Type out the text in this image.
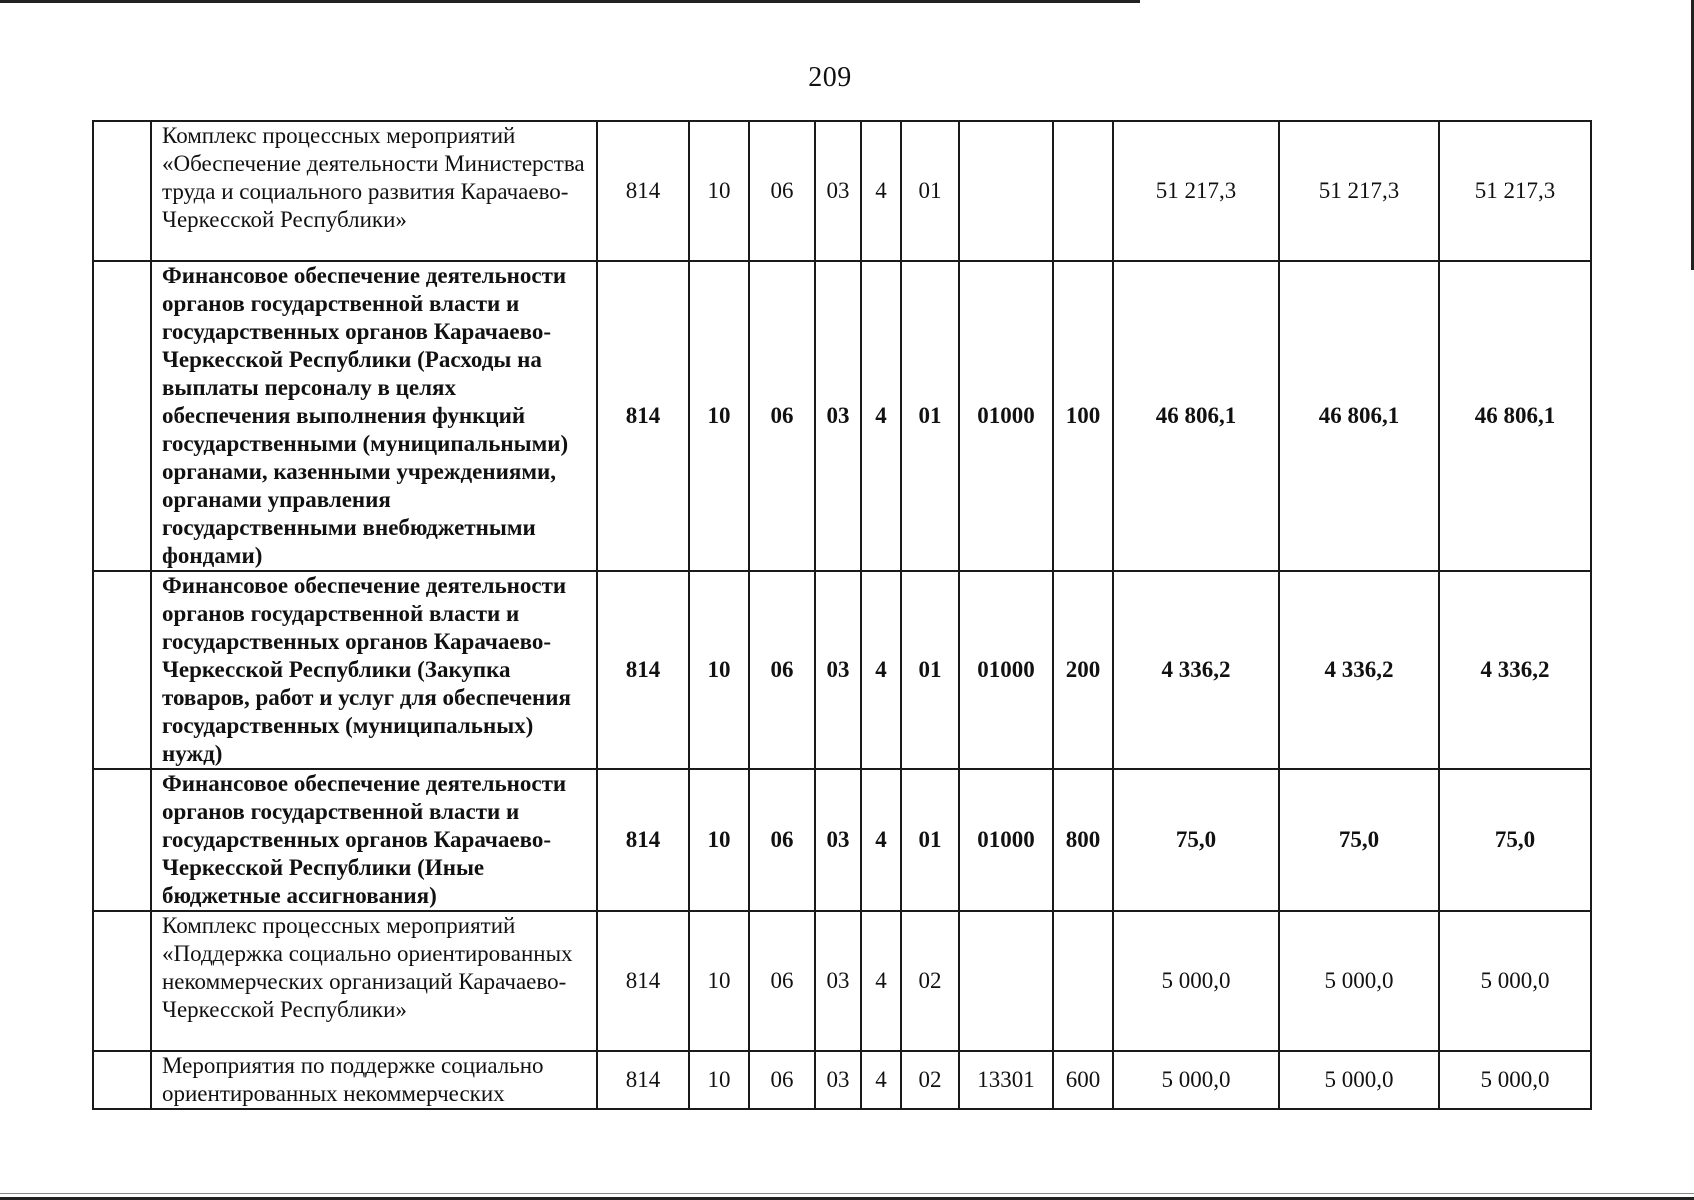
209
	Комплекс процессных мероприятий «Обеспечение деятельности Министерства труда и социального развития Карачаево-Черкесской Республики»	814	10	06	03	4	01			51 217,3	51 217,3	51 217,3
	Финансовое обеспечение деятельности органов государственной власти и государственных органов Карачаево-Черкесской Республики (Расходы на выплаты персоналу в целях обеспечения выполнения функций государственными (муниципальными) органами, казенными учреждениями, органами управления государственными внебюджетными фондами)	814	10	06	03	4	01	01000	100	46 806,1	46 806,1	46 806,1
	Финансовое обеспечение деятельности органов государственной власти и государственных органов Карачаево-Черкесской Республики (Закупка товаров, работ и услуг для обеспечения государственных (муниципальных) нужд)	814	10	06	03	4	01	01000	200	4 336,2	4 336,2	4 336,2
	Финансовое обеспечение деятельности органов государственной власти и государственных органов Карачаево-Черкесской Республики (Иные бюджетные ассигнования)	814	10	06	03	4	01	01000	800	75,0	75,0	75,0
	Комплекс процессных мероприятий «Поддержка социально ориентированных некоммерческих организаций Карачаево-Черкесской Республики»	814	10	06	03	4	02			5 000,0	5 000,0	5 000,0
	Мероприятия по поддержке социально ориентированных некоммерческих	814	10	06	03	4	02	13301	600	5 000,0	5 000,0	5 000,0
